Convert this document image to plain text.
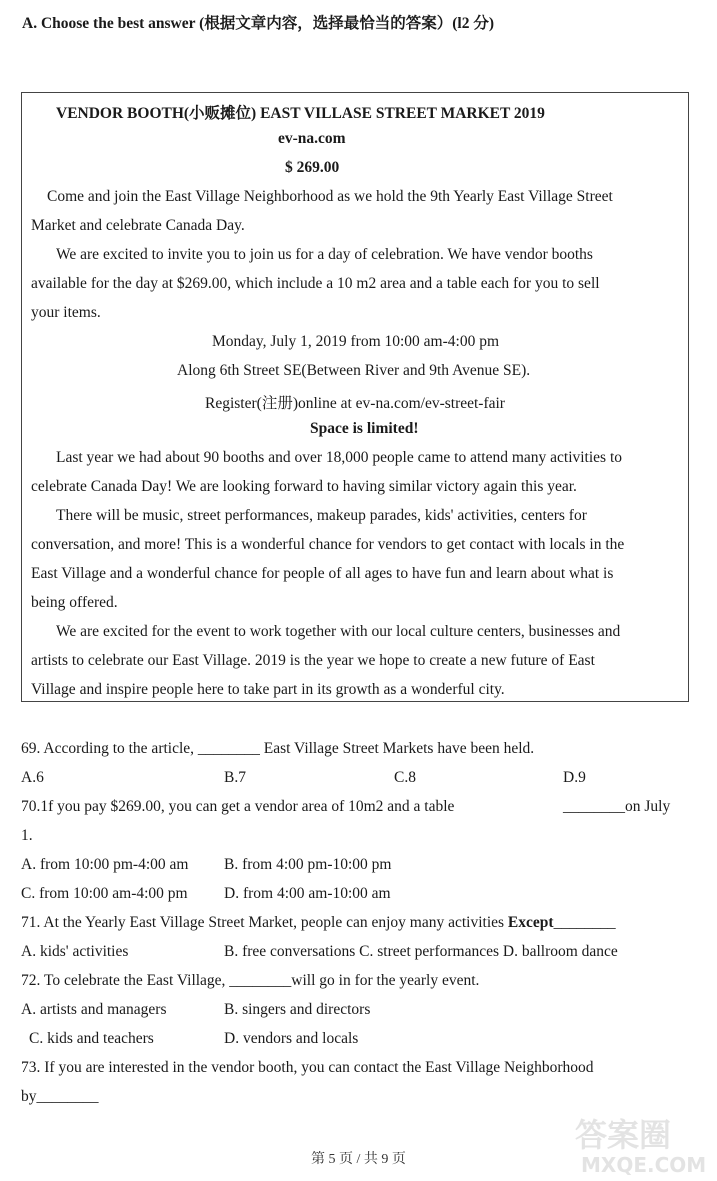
A. Choose the best answer (根据文章内容，选择最恰当的答案）(l2 分)
VENDOR BOOTH(小贩摊位) EAST VILLASE STREET MARKET 2019
ev-na.com
$ 269.00
Come and join the East Village Neighborhood as we hold the 9th Yearly East Village Street
Market and celebrate Canada Day.
We are excited to invite you to join us for a day of celebration. We have vendor booths
available for the day at $269.00, which include a 10 m2 area and a table each for you to sell
your items.
Monday, July 1, 2019 from 10:00 am-4:00 pm
Along 6th Street SE(Between River and 9th Avenue SE).
Register(注册)online at ev-na.com/ev-street-fair
Space is limited!
Last year we had about 90 booths and over 18,000 people came to attend many activities to
celebrate Canada Day! We are looking forward to having similar victory again this year.
There will be music, street performances, makeup parades, kids' activities, centers for
conversation, and more! This is a wonderful chance for vendors to get contact with locals in the
East Village and a wonderful chance for people of all ages to have fun and learn about what is
being offered.
We are excited for the event to work together with our local culture centers, businesses and
artists to celebrate our East Village. 2019 is the year we hope to create a new future of East
Village and inspire people here to take part in its growth as a wonderful city.
69. According to the article, ________ East Village Street Markets have been held.
A.6	B.7	C.8	D.9
70.1f you pay $269.00, you can get a vendor area of 10m2 and a table	________on July
1.
A. from 10:00 pm-4:00 am B. from 4:00 pm-10:00 pm
C. from 10:00 am-4:00 pm D. from 4:00 am-10:00 am
71. At the Yearly East Village Street Market, people can enjoy many activities Except________
A. kids' activities	B. free conversations C. street performances D. ballroom dance
72. To celebrate the East Village, ________will go in for the yearly event.
A. artists and managers	B. singers and directors
C. kids and teachers	D. vendors and locals
73. If you are interested in the vendor booth, you can contact the East Village Neighborhood
by________
第 5 页 / 共 9 页
答案圈
MXQE.COM
